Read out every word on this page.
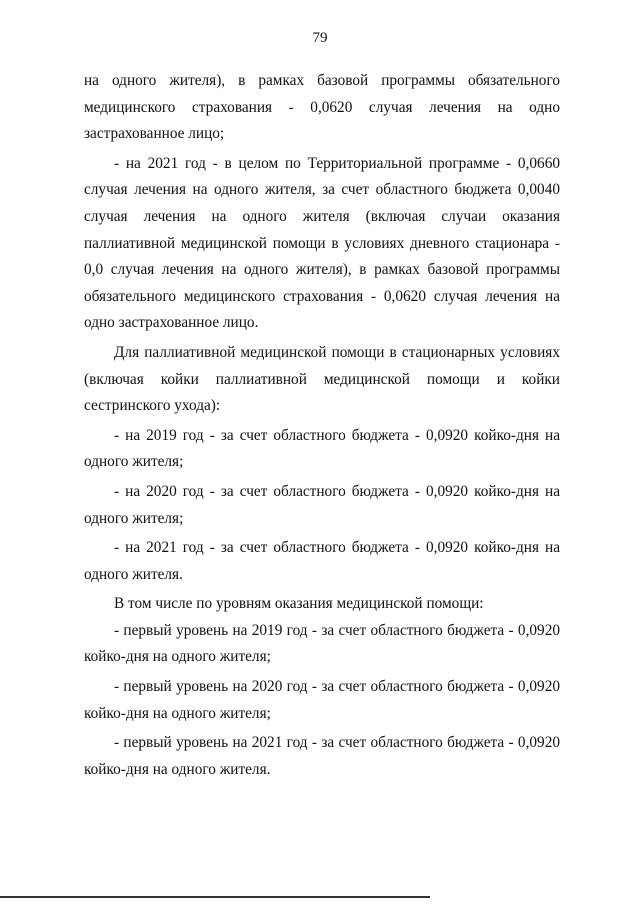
79

на одного жителя), в рамках базовой программы обязательного медицинского страхования - 0,0620 случая лечения на одно застрахованное лицо;

- на 2021 год - в целом по Территориальной программе - 0,0660 случая лечения на одного жителя, за счет областного бюджета 0,0040 случая лечения на одного жителя (включая случаи оказания паллиативной медицинской помощи в условиях дневного стационара - 0,0 случая лечения на одного жителя), в рамках базовой программы обязательного медицинского страхования - 0,0620 случая лечения на одно застрахованное лицо.

Для паллиативной медицинской помощи в стационарных условиях (включая койки паллиативной медицинской помощи и койки сестринского ухода):

- на 2019 год - за счет областного бюджета - 0,0920 койко-дня на одного жителя;

- на 2020 год - за счет областного бюджета - 0,0920 койко-дня на одного жителя;

- на 2021 год - за счет областного бюджета - 0,0920 койко-дня на одного жителя.

В том числе по уровням оказания медицинской помощи:

- первый уровень на 2019 год - за счет областного бюджета - 0,0920 койко-дня на одного жителя;

- первый уровень на 2020 год - за счет областного бюджета - 0,0920 койко-дня на одного жителя;

- первый уровень на 2021 год - за счет областного бюджета - 0,0920 койко-дня на одного жителя.
